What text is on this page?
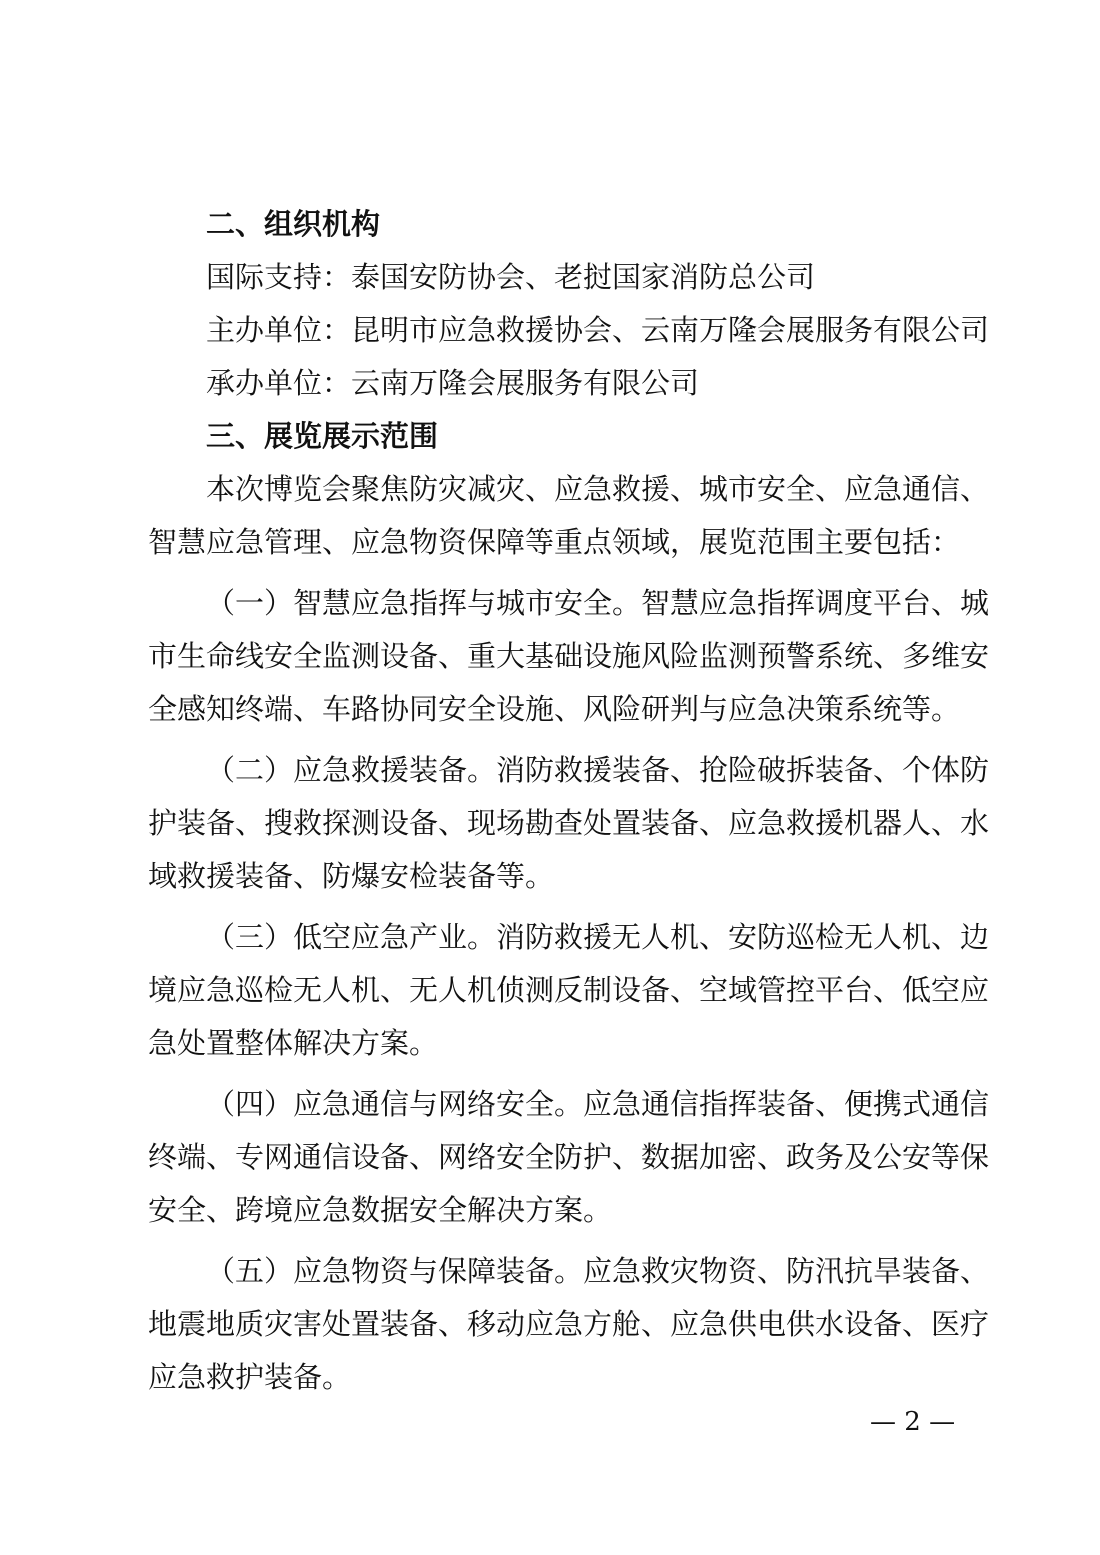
二、组织机构
国际支持：泰国安防协会、老挝国家消防总公司
主办单位：昆明市应急救援协会、云南万隆会展服务有限公司
承办单位：云南万隆会展服务有限公司
三、展览展示范围
本次博览会聚焦防灾减灾、应急救援、城市安全、应急通信、
智慧应急管理、应急物资保障等重点领域，展览范围主要包括：
（一）智慧应急指挥与城市安全。智慧应急指挥调度平台、城
市生命线安全监测设备、重大基础设施风险监测预警系统、多维安
全感知终端、车路协同安全设施、风险研判与应急决策系统等。
（二）应急救援装备。消防救援装备、抢险破拆装备、个体防
护装备、搜救探测设备、现场勘查处置装备、应急救援机器人、水
域救援装备、防爆安检装备等。
（三）低空应急产业。消防救援无人机、安防巡检无人机、边
境应急巡检无人机、无人机侦测反制设备、空域管控平台、低空应
急处置整体解决方案。
（四）应急通信与网络安全。应急通信指挥装备、便携式通信
终端、专网通信设备、网络安全防护、数据加密、政务及公安等保
安全、跨境应急数据安全解决方案。
（五）应急物资与保障装备。应急救灾物资、防汛抗旱装备、
地震地质灾害处置装备、移动应急方舱、应急供电供水设备、医疗
应急救护装备。
— 2 —
